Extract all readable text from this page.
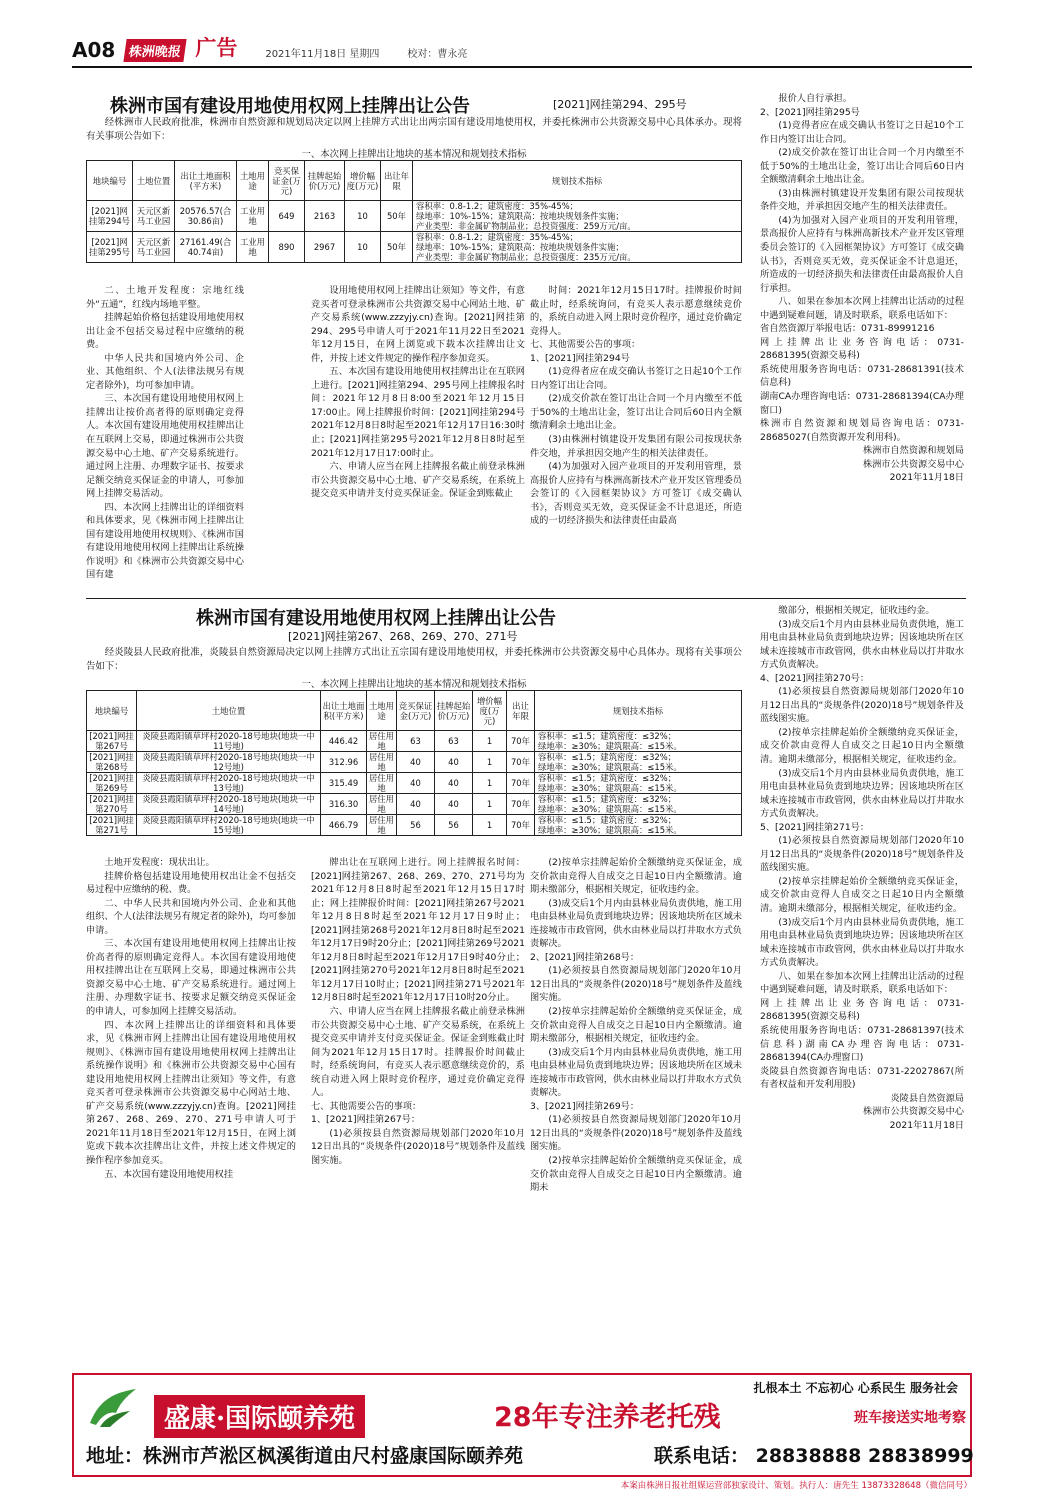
A08 株洲晚报 广告	2021年11月18日 星期四	校对：曹永亮
株洲市国有建设用地使用权网上挂牌出让公告	[2021]网挂第294、295号
经株洲市人民政府批准，株洲市自然资源和规划局决定以网上挂牌方式出让出两宗国有建设用地使用权，并委托株洲市公共资源交易中心具体承办。现将有关事项公告如下：
一、本次网上挂牌出让地块的基本情况和规划技术指标
地块编号	土地位置	出让土地面积(平方米)	土地用途	竞买保证金(万元)	挂牌起始价(万元)	增价幅度(万元)	出让年限	规划技术指标
[2021]网挂第294号	天元区新马工业园	20576.57(合30.86亩)	工业用地	649	2163	10	50年	容积率：0.8-1.2；建筑密度：35%-45%；
绿地率：10%-15%；建筑限高：按地块规划条件实施；
产业类型：非金属矿物制品业；总投资强度：259万元/亩。

[2021]网挂第295号	天元区新马工业园	27161.49(合40.74亩)	工业用地	890	2967	10	50年	容积率：0.8-1.2；建筑密度：35%-45%；
绿地率：10%-15%；建筑限高：按地块规划条件实施；
产业类型：非金属矿物制品业；总投资强度：235万元/亩。

二、土地开发程度：宗地红线外“五通”，红线内场地平整。

挂牌起始价格包括建设用地使用权出让金不包括交易过程中应缴纳的税费。

中华人民共和国境内外公司、企业、其他组织、个人(法律法规另有规定者除外)，均可参加申请。

三、本次国有建设用地使用权网上挂牌出让按价高者得的原则确定竞得人。本次国有建设用地使用权挂牌出让在互联网上交易，即通过株洲市公共资源交易中心土地、矿产交易系统进行。通过网上注册、办理数字证书、按要求足额交纳竞买保证金的申请人，可参加网上挂牌交易活动。

四、本次网上挂牌出让的详细资料和具体要求，见《株洲市网上挂牌出让国有建设用地使用权规则》、《株洲市国有建设用地使用权网上挂牌出让系统操作说明》和《株洲市公共资源交易中心国有建

设用地使用权网上挂牌出让须知》等文件，有意竞买者可登录株洲市公共资源交易中心网站土地、矿产交易系统(www.zzzyjy.cn)查询。[2021]网挂第294、295号申请人可于2021年11月22日至2021年12月15日，在网上浏览或下载本次挂牌出让文件，并按上述文件规定的操作程序参加竞买。

五、本次国有建设用地使用权挂牌出让在互联网上进行。[2021]网挂第294、295号网上挂牌报名时间：2021年12月8日8:00至2021年12月15日17:00止。网上挂牌报价时间：[2021]网挂第294号2021年12月8日8时起至2021年12月17日16:30时止；[2021]网挂第295号2021年12月8日8时起至2021年12月17日17:00时止。

六、申请人应当在网上挂牌报名截止前登录株洲市公共资源交易中心土地、矿产交易系统，在系统上提交竞买申请并支付竞买保证金。保证金到账截止

时间：2021年12月15日17时。挂牌报价时间截止时，经系统询问，有竞买人表示愿意继续竞价的，系统自动进入网上限时竞价程序，通过竞价确定竞得人。

七、其他需要公告的事项：

1、[2021]网挂第294号

(1)竞得者应在成交确认书签订之日起10个工作日内签订出让合同。

(2)成交价款在签订出让合同一个月内缴至不低于50%的土地出让金，签订出让合同后60日内全额缴清剩余土地出让金。

(3)由株洲村镇建设开发集团有限公司按现状条件交地，并承担因交地产生的相关法律责任。

(4)为加强对入园产业项目的开发利用管理，景高报价人应持有与株洲高新技术产业开发区管理委员会签订的《入园框架协议》方可签订《成交确认书》，否则竞买无效，竞买保证金不计息退还，所造成的一切经济损失和法律责任由最高

报价人自行承担。

2、[2021]网挂第295号

(1)竞得者应在成交确认书签订之日起10个工作日内签订出让合同。

(2)成交价款在签订出让合同一个月内缴至不低于50%的土地出让金，签订出让合同后60日内全额缴清剩余土地出让金。

(3)由株洲村镇建设开发集团有限公司按现状条件交地，并承担因交地产生的相关法律责任。

(4)为加强对入园产业项目的开发利用管理，景高报价人应持有与株洲高新技术产业开发区管理委员会签订的《入园框架协议》方可签订《成交确认书》，否则竞买无效，竞买保证金不计息退还，所造成的一切经济损失和法律责任由最高报价人自行承担。

八、如果在参加本次网上挂牌出让活动的过程中遇到疑难问题，请及时联系，联系电话如下：

省自然资源厅举报电话：0731-89991216

网上挂牌出让业务咨询电话：0731-28681395(资源交易科)

系统使用服务咨询电话：0731-28681391(技术信息科)

湖南CA办理咨询电话：0731-28681394(CA办理窗口)

株洲市自然资源和规划局咨询电话：0731-28685027(自然资源开发利用科)。

株洲市自然资源和规划局

株洲市公共资源交易中心

2021年11月18日

株洲市国有建设用地使用权网上挂牌出让公告
[2021]网挂第267、268、269、270、271号
经炎陵县人民政府批准，炎陵县自然资源局决定以网上挂牌方式出让五宗国有建设用地使用权，并委托株洲市公共资源交易中心具体办。现将有关事项公告如下：
一、本次网上挂牌出让地块的基本情况和规划技术指标
地块编号	土地位置	出让土地面积(平方米)	土地用途	竞买保证金(万元)	挂牌起始价(万元)	增价幅度(万元)	出让年限	规划技术指标
[2021]网挂第267号	炎陵县霞阳镇草坪村2020-18号地块(地块一中11号地)	446.42	居住用地	63	63	1	70年	容积率：≤1.5；建筑密度：≤32%；
绿地率：≥30%；建筑限高：≤15米。

[2021]网挂第268号	炎陵县霞阳镇草坪村2020-18号地块(地块一中12号地)	312.96	居住用地	40	40	1	70年	容积率：≤1.5；建筑密度：≤32%；
绿地率：≥30%；建筑限高：≤15米。

[2021]网挂第269号	炎陵县霞阳镇草坪村2020-18号地块(地块一中13号地)	315.49	居住用地	40	40	1	70年	容积率：≤1.5；建筑密度：≤32%；
绿地率：≥30%；建筑限高：≤15米。

[2021]网挂第270号	炎陵县霞阳镇草坪村2020-18号地块(地块一中14号地)	316.30	居住用地	40	40	1	70年	容积率：≤1.5；建筑密度：≤32%；
绿地率：≥30%；建筑限高：≤15米。

[2021]网挂第271号	炎陵县霞阳镇草坪村2020-18号地块(地块一中15号地)	466.79	居住用地	56	56	1	70年	容积率：≤1.5；建筑密度：≤32%；
绿地率：≥30%；建筑限高：≤15米。

土地开发程度：现状出让。

挂牌价格包括建设用地使用权出让金不包括交易过程中应缴纳的税、费。

二、中华人民共和国境内外公司、企业和其他组织、个人(法律法规另有规定者的除外)，均可参加申请。

三、本次国有建设用地使用权网上挂牌出让按价高者得的原则确定竞得人。本次国有建设用地使用权挂牌出让在互联网上交易，即通过株洲市公共资源交易中心土地、矿产交易系统进行。通过网上注册、办理数字证书、按要求足额交纳竞买保证金的申请人，可参加网上挂牌交易活动。

四、本次网上挂牌出让的详细资料和具体要求，见《株洲市网上挂牌出让国有建设用地使用权规则》、《株洲市国有建设用地使用权网上挂牌出让系统操作说明》和《株洲市公共资源交易中心国有建设用地使用权网上挂牌出让须知》等文件，有意竞买者可登录株洲市公共资源交易中心网站土地、矿产交易系统(www.zzzyjy.cn)查询。[2021]网挂第267、268、269、270、271号申请人可于2021年11月18日至2021年12月15日，在网上浏览或下载本次挂牌出让文件，并按上述文件规定的操作程序参加竞买。

五、本次国有建设用地使用权挂

牌出让在互联网上进行。网上挂牌报名时间：[2021]网挂第267、268、269、270、271号均为2021年12月8日8时起至2021年12月15日17时止；网上挂牌报价时间：[2021]网挂第267号2021年12月8日8时起至2021年12月17日9时止；[2021]网挂第268号2021年12月8日8时起至2021年12月17日9时20分止；[2021]网挂第269号2021年12月8日8时起至2021年12月17日9时40分止；[2021]网挂第270号2021年12月8日8时起至2021年12月17日10时止；[2021]网挂第271号2021年12月8日8时起至2021年12月17日10时20分止。

六、申请人应当在网上挂牌报名截止前登录株洲市公共资源交易中心土地、矿产交易系统，在系统上提交竞买申请并支付竞买保证金。保证金到账截止时间为2021年12月15日17时。挂牌报价时间截止时，经系统询问，有竞买人表示愿意继续竞价的，系统自动进入网上限时竞价程序，通过竞价确定竞得人。

七、其他需要公告的事项：

1、[2021]网挂第267号：

(1)必须按县自然资源局规划部门2020年10月12日出具的“炎规条件(2020)18号”规划条件及蓝线图实施。

(2)按单宗挂牌起始价全额缴纳竞买保证金，成交价款由竞得人自成交之日起10日内全额缴清。逾期未缴部分，根据相关规定，征收违约金。

(3)成交后1个月内由县林业局负责供地，施工用电由县林业局负责到地块边界；因该地块所在区域未连接城市市政管网，供水由林业局以打井取水方式负责解决。

2、[2021]网挂第268号：

(1)必须按县自然资源局规划部门2020年10月12日出具的“炎规条件(2020)18号”规划条件及蓝线图实施。

(2)按单宗挂牌起始价全额缴纳竞买保证金，成交价款由竞得人自成交之日起10日内全额缴清。逾期未缴部分，根据相关规定，征收违约金。

(3)成交后1个月内由县林业局负责供地，施工用电由县林业局负责到地块边界；因该地块所在区域未连接城市市政管网，供水由林业局以打井取水方式负责解决。

3、[2021]网挂第269号：

(1)必须按县自然资源局规划部门2020年10月12日出具的“炎规条件(2020)18号”规划条件及蓝线图实施。

(2)按单宗挂牌起始价全额缴纳竞买保证金，成交价款由竞得人自成交之日起10日内全额缴清。逾期未

缴部分，根据相关规定，征收违约金。

(3)成交后1个月内由县林业局负责供地，施工用电由县林业局负责到地块边界；因该地块所在区域未连接城市市政管网，供水由林业局以打井取水方式负责解决。

4、[2021]网挂第270号：

(1)必须按县自然资源局规划部门2020年10月12日出具的“炎规条件(2020)18号”规划条件及蓝线图实施。

(2)按单宗挂牌起始价全额缴纳竞买保证金，成交价款由竞得人自成交之日起10日内全额缴清。逾期未缴部分，根据相关规定，征收违约金。

(3)成交后1个月内由县林业局负责供地，施工用电由县林业局负责到地块边界；因该地块所在区域未连接城市市政管网，供水由林业局以打井取水方式负责解决。

5、[2021]网挂第271号：

(1)必须按县自然资源局规划部门2020年10月12日出具的“炎规条件(2020)18号”规划条件及蓝线图实施。

(2)按单宗挂牌起始价全额缴纳竞买保证金，成交价款由竞得人自成交之日起10日内全额缴清。逾期未缴部分，根据相关规定，征收违约金。

(3)成交后1个月内由县林业局负责供地，施工用电由县林业局负责到地块边界；因该地块所在区域未连接城市市政管网，供水由林业局以打井取水方式负责解决。

八、如果在参加本次网上挂牌出让活动的过程中遇到疑难问题，请及时联系，联系电话如下：

网上挂牌出让业务咨询电话：0731-28681395(资源交易科)

系统使用服务咨询电话：0731-28681397(技术信息科)湖南CA办理咨询电话：0731-28681394(CA办理窗口)

炎陵县自然资源咨询电话：0731-22027867(所有者权益和开发利用股)

炎陵县自然资源局

株洲市公共资源交易中心

2021年11月18日

盛康·国际颐养苑
扎根本土 不忘初心 心系民生 服务社会
28年专注养老托残	班车接送实地考察
地址：株洲市芦淞区枫溪街道由尺村盛康国际颐养苑	联系电话： 28838888 28838999
本案由株洲日报社组媒运营部独家设计、策划。执行人：唐先生 13873328648（微信同号）
